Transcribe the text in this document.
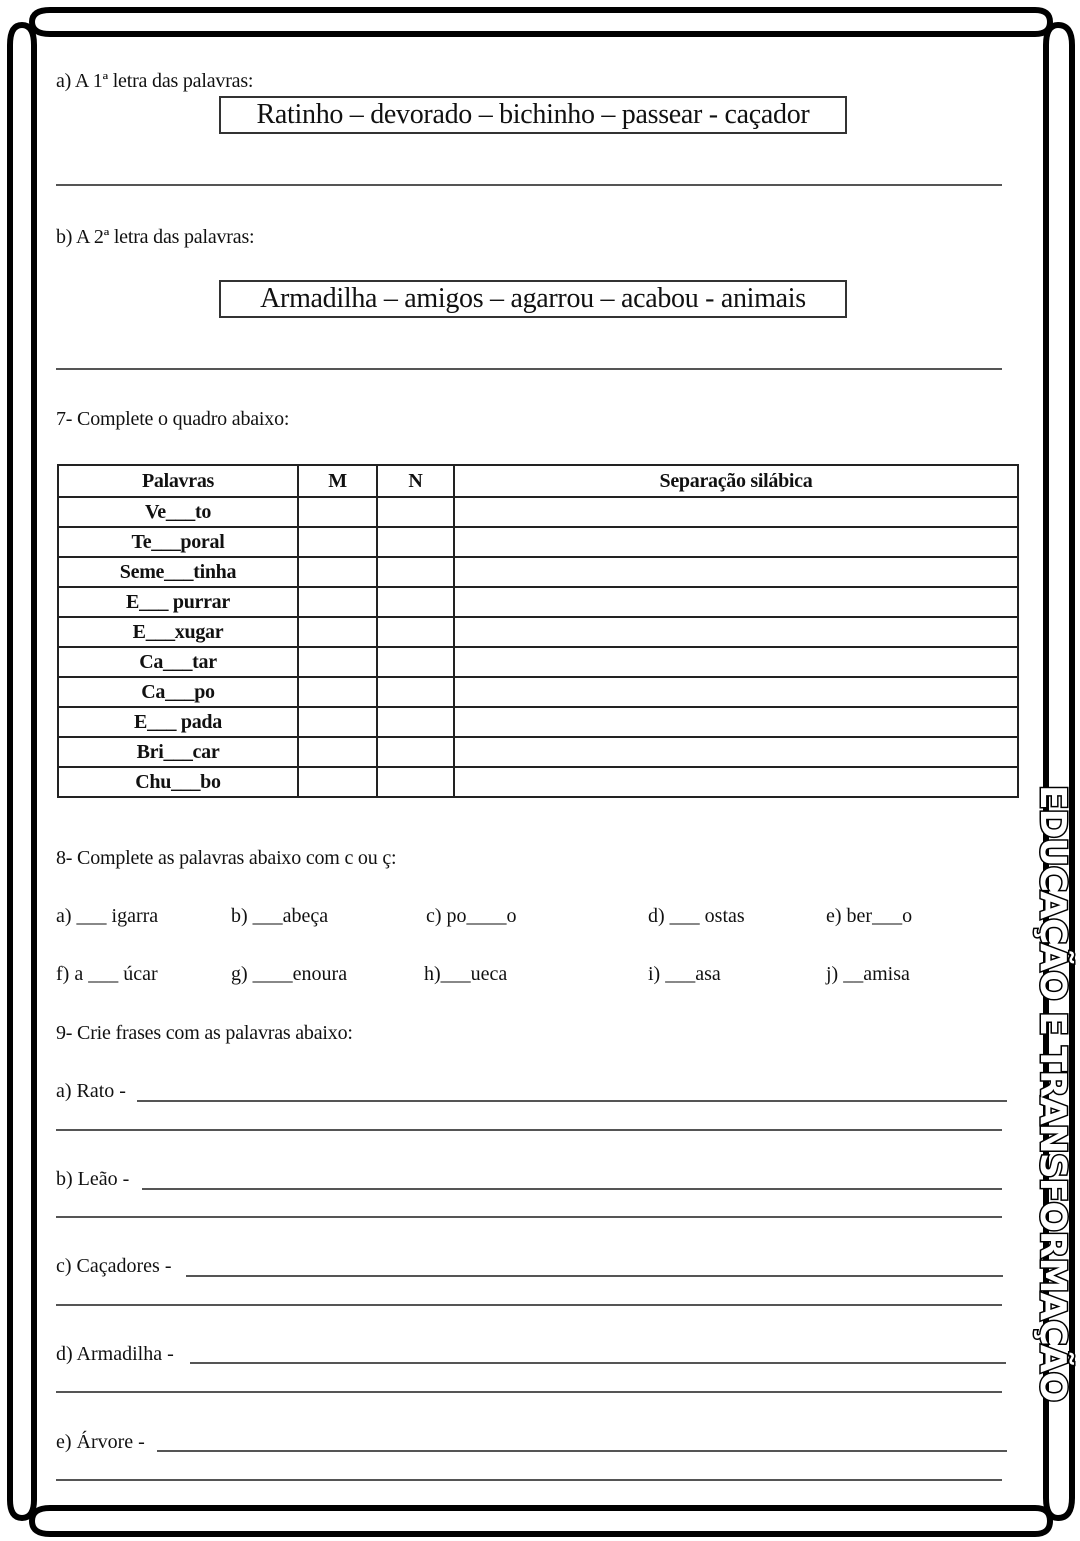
a) A 1ª letra das palavras:
Ratinho – devorado – bichinho – passear - caçador
b) A 2ª letra das palavras:
Armadilha – amigos – agarrou – acabou - animais
7- Complete o quadro abaixo:
Palavras	M	N	Separação silábica
Ve___to			
Te___poral			
Seme___tinha			
E___ purrar			
E___xugar			
Ca___tar			
Ca___po			
E___ pada			
Bri___car			
Chu___bo			
8- Complete as palavras abaixo com c ou ç:
a) ___ igarra	b) ___abeça	c) po____o	d) ___ ostas	e) ber___o
f) a ___ úcar	g) ____enoura	h)___ueca	i) ___asa	j) __amisa
9- Crie frases com as palavras abaixo:
a) Rato -
b) Leão -
c) Caçadores -
d) Armadilha -
e) Árvore -
EDUCAÇÃO E TRANSFORMAÇÃO
